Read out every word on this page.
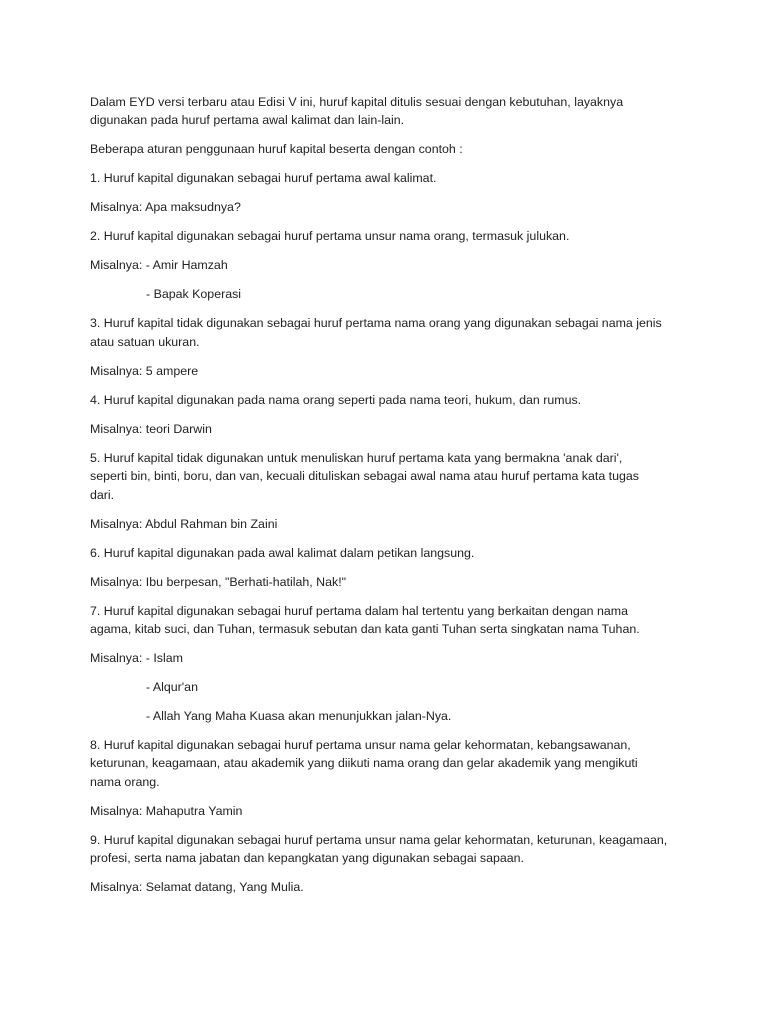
Dalam EYD versi terbaru atau Edisi V ini, huruf kapital ditulis sesuai dengan kebutuhan, layaknya
digunakan pada huruf pertama awal kalimat dan lain-lain.

Beberapa aturan penggunaan huruf kapital beserta dengan contoh :

1. Huruf kapital digunakan sebagai huruf pertama awal kalimat.

Misalnya: Apa maksudnya?

2. Huruf kapital digunakan sebagai huruf pertama unsur nama orang, termasuk julukan.

Misalnya: - Amir Hamzah

- Bapak Koperasi

3. Huruf kapital tidak digunakan sebagai huruf pertama nama orang yang digunakan sebagai nama jenis
atau satuan ukuran.

Misalnya: 5 ampere

4. Huruf kapital digunakan pada nama orang seperti pada nama teori, hukum, dan rumus.

Misalnya: teori Darwin

5. Huruf kapital tidak digunakan untuk menuliskan huruf pertama kata yang bermakna 'anak dari',
seperti bin, binti, boru, dan van, kecuali dituliskan sebagai awal nama atau huruf pertama kata tugas
dari.

Misalnya: Abdul Rahman bin Zaini

6. Huruf kapital digunakan pada awal kalimat dalam petikan langsung.

Misalnya: Ibu berpesan, "Berhati-hatilah, Nak!"

7. Huruf kapital digunakan sebagai huruf pertama dalam hal tertentu yang berkaitan dengan nama
agama, kitab suci, dan Tuhan, termasuk sebutan dan kata ganti Tuhan serta singkatan nama Tuhan.

Misalnya: - Islam

- Alqur'an

- Allah Yang Maha Kuasa akan menunjukkan jalan-Nya.

8. Huruf kapital digunakan sebagai huruf pertama unsur nama gelar kehormatan, kebangsawanan,
keturunan, keagamaan, atau akademik yang diikuti nama orang dan gelar akademik yang mengikuti
nama orang.

Misalnya: Mahaputra Yamin

9. Huruf kapital digunakan sebagai huruf pertama unsur nama gelar kehormatan, keturunan, keagamaan,
profesi, serta nama jabatan dan kepangkatan yang digunakan sebagai sapaan.

Misalnya: Selamat datang, Yang Mulia.
